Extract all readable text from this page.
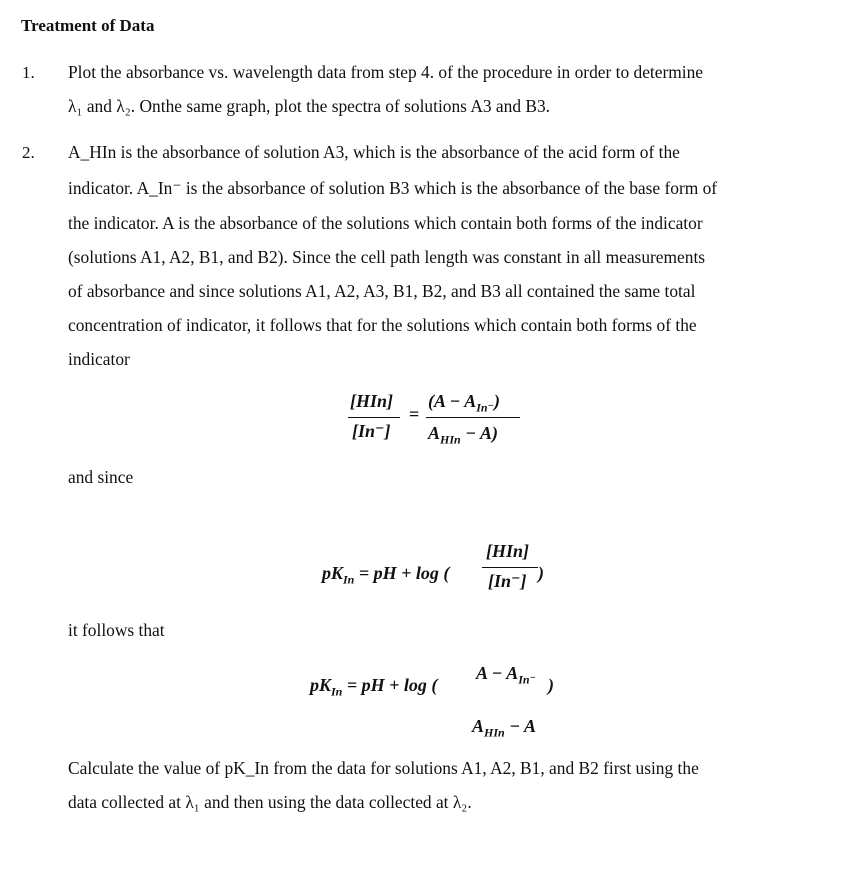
Treatment of Data
1. Plot the absorbance vs. wavelength data from step 4. of the procedure in order to determine
λ₁ and λ₂. Onthe same graph, plot the spectra of solutions A3 and B3.
2. A_HIn is the absorbance of solution A3, which is the absorbance of the acid form of the
indicator. A_In⁻ is the absorbance of solution B3 which is the absorbance of the base form of
the indicator. A is the absorbance of the solutions which contain both forms of the indicator
(solutions A1, A2, B1, and B2). Since the cell path length was constant in all measurements
of absorbance and since solutions A1, A2, A3, B1, B2, and B3 all contained the same total
concentration of indicator, it follows that for the solutions which contain both forms of the
indicator
[HIn]
[In⁻]
=
$(A - A_{In^-})$
$A_{HIn} - A$)
and since
$pK_{In}$ = pH + log (
[HIn]
[In⁻] )
it follows that
$pK_{In}$ = pH + log (
$A - A_{In^-}$ )
$A_{HIn} - A$
Calculate the value of pK_In from the data for solutions A1, A2, B1, and B2 first using the
data collected at λ₁ and then using the data collected at λ₂.
